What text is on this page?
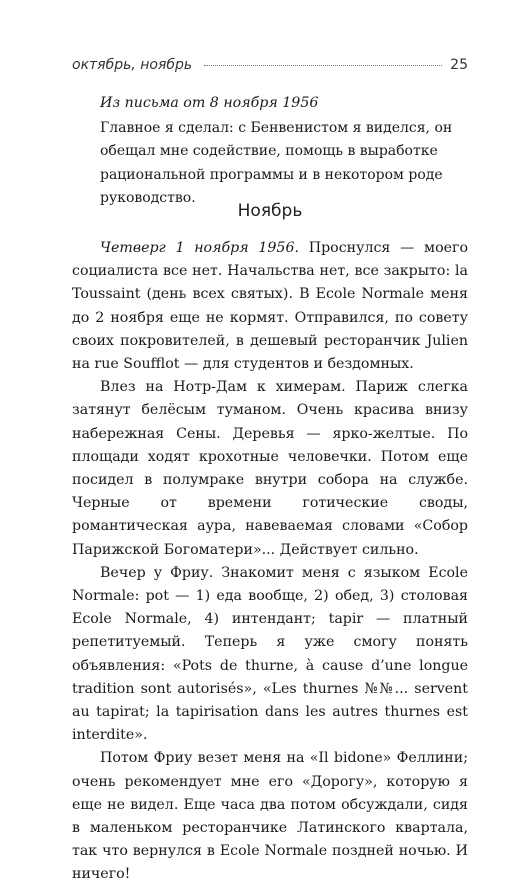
октябрь, ноябрь	25

Из письма от 8 ноября 1956

Главное я сделал: с Бенвенистом я виделся, он обещал мне содействие, помощь в выработке рациональной программы и в некотором роде руководство.

Ноябрь

Четверг 1 ноября 1956. Проснулся — моего социалиста все нет. Начальства нет, все закрыто: la Toussaint (день всех святых). В Ecole Normale меня до 2 ноября еще не кормят. Отправился, по совету своих покровителей, в дешевый ресторанчик Julien на rue Soufflot — для студентов и бездомных.

Влез на Нотр-Дам к химерам. Париж слегка затянут белёсым туманом. Очень красива внизу набережная Сены. Деревья — ярко-желтые. По площади ходят крохотные человечки. Потом еще посидел в полумраке внутри собора на службе. Черные от времени готические своды, романтическая аура, навеваемая словами «Собор Парижской Богоматери»... Действует сильно.

Вечер у Фриу. Знакомит меня с языком Ecole Normale: pot — 1) еда вообще, 2) обед, 3) столовая Ecole Normale, 4) интендант; tapir — платный репетитуемый. Теперь я уже смогу понять объявления: «Pots de thurne, à cause d’une longue tradition sont autorisés», «Les thurnes №№... servent au tapirat; la tapirisation dans les autres thurnes est interdite».

Потом Фриу везет меня на «Il bidone» Феллини; очень рекомендует мне его «Дорогу», которую я еще не видел. Еще часа два потом обсуждали, сидя в маленьком ресторанчике Латинского квартала, так что вернулся в Ecole Normale поздней ночью. И ничего!
